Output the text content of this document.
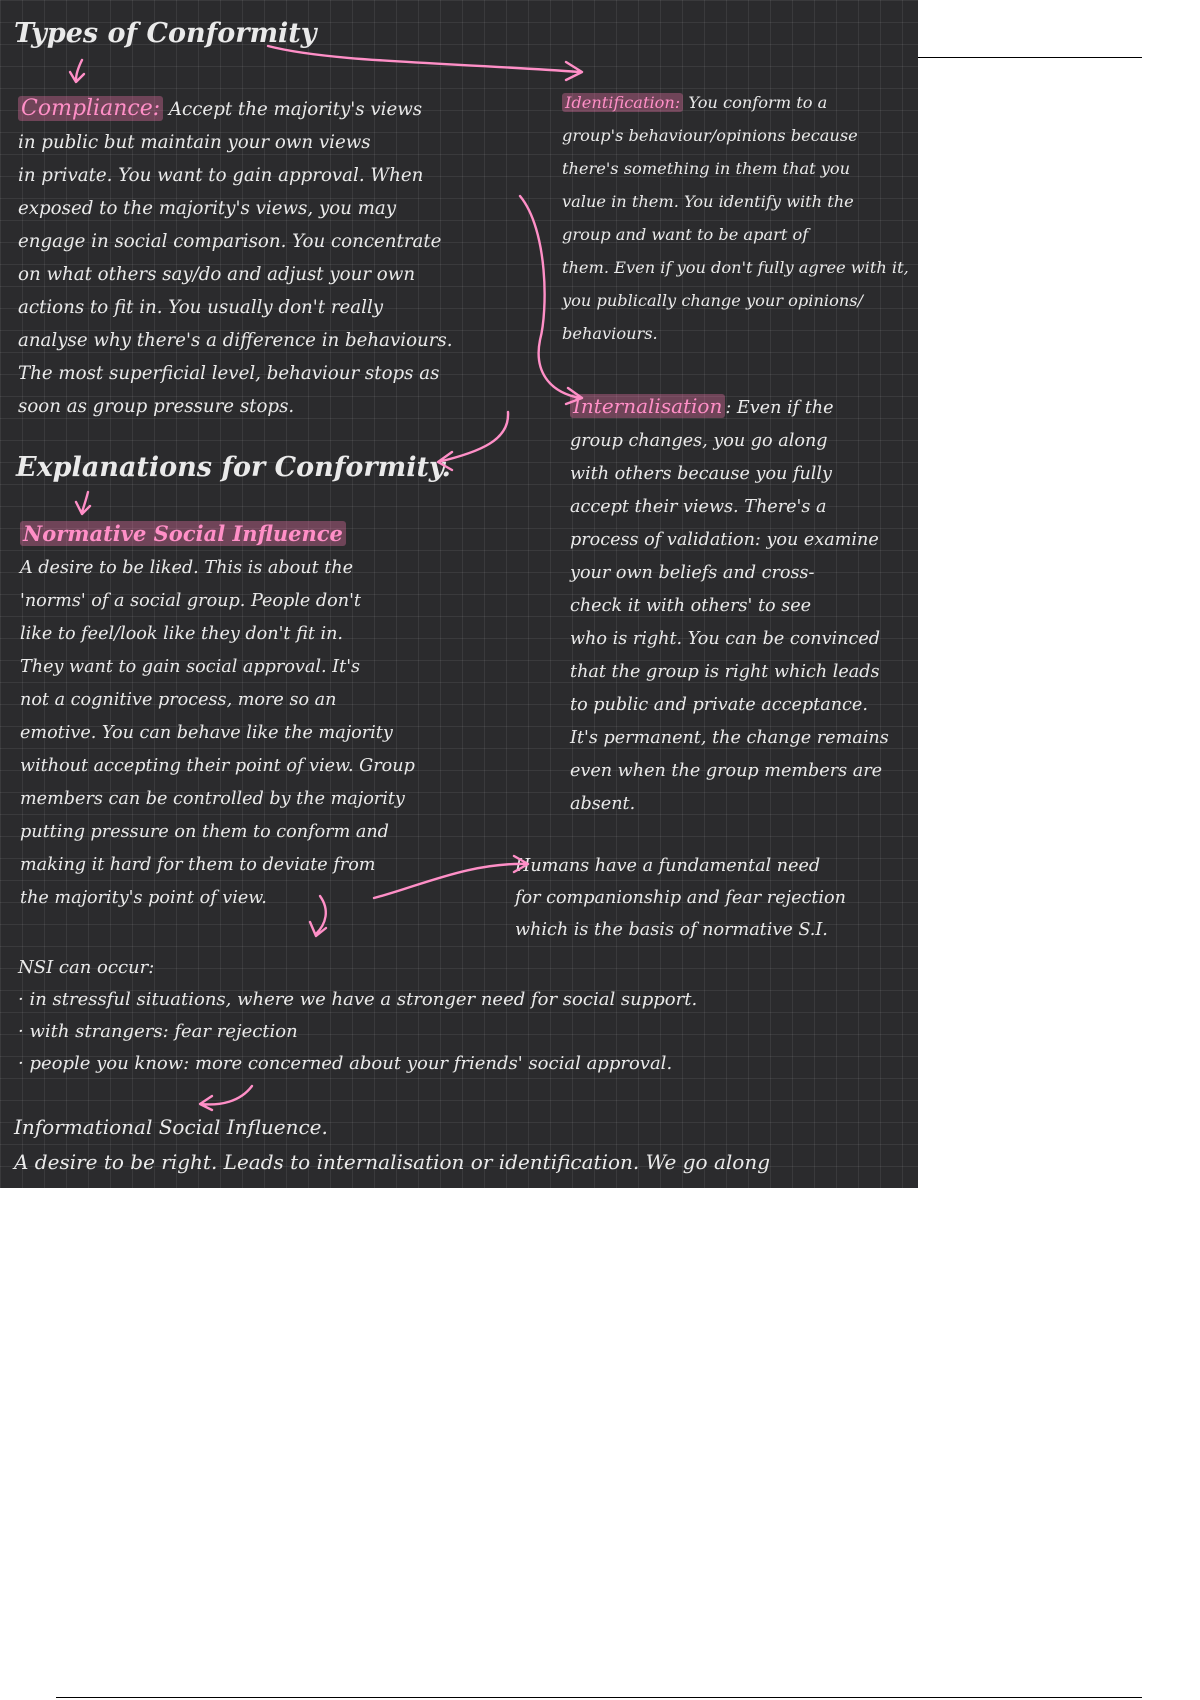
Types of Conformity
Compliance: Accept the majority's views
in public but maintain your own views
in private. You want to gain approval. When
exposed to the majority's views, you may
engage in social comparison. You concentrate
on what others say/do and adjust your own
actions to fit in. You usually don't really
analyse why there's a difference in behaviours.
The most superficial level, behaviour stops as
soon as group pressure stops.
Identification: You conform to a
group's behaviour/opinions because
there's something in them that you
value in them. You identify with the
group and want to be apart of
them. Even if you don't fully agree with it,
you publically change your opinions/
behaviours.
Internalisation : Even if the
group changes, you go along
with others because you fully
accept their views. There's a
process of validation: you examine
your own beliefs and cross-
check it with others' to see
who is right. You can be convinced
that the group is right which leads
to public and private acceptance.
It's permanent, the change remains
even when the group members are
absent.
Explanations for Conformity.
Normative Social Influence
A desire to be liked. This is about the
'norms' of a social group. People don't
like to feel/look like they don't fit in.
They want to gain social approval. It's
not a cognitive process, more so an
emotive. You can behave like the majority
without accepting their point of view. Group
members can be controlled by the majority
putting pressure on them to conform and
making it hard for them to deviate from
the majority's point of view.
Humans have a fundamental need
for companionship and fear rejection
which is the basis of normative S.I.
NSI can occur:
· in stressful situations, where we have a stronger need for social support.
· with strangers: fear rejection
· people you know: more concerned about your friends' social approval.
Informational Social Influence.
A desire to be right. Leads to internalisation or identification. We go along
